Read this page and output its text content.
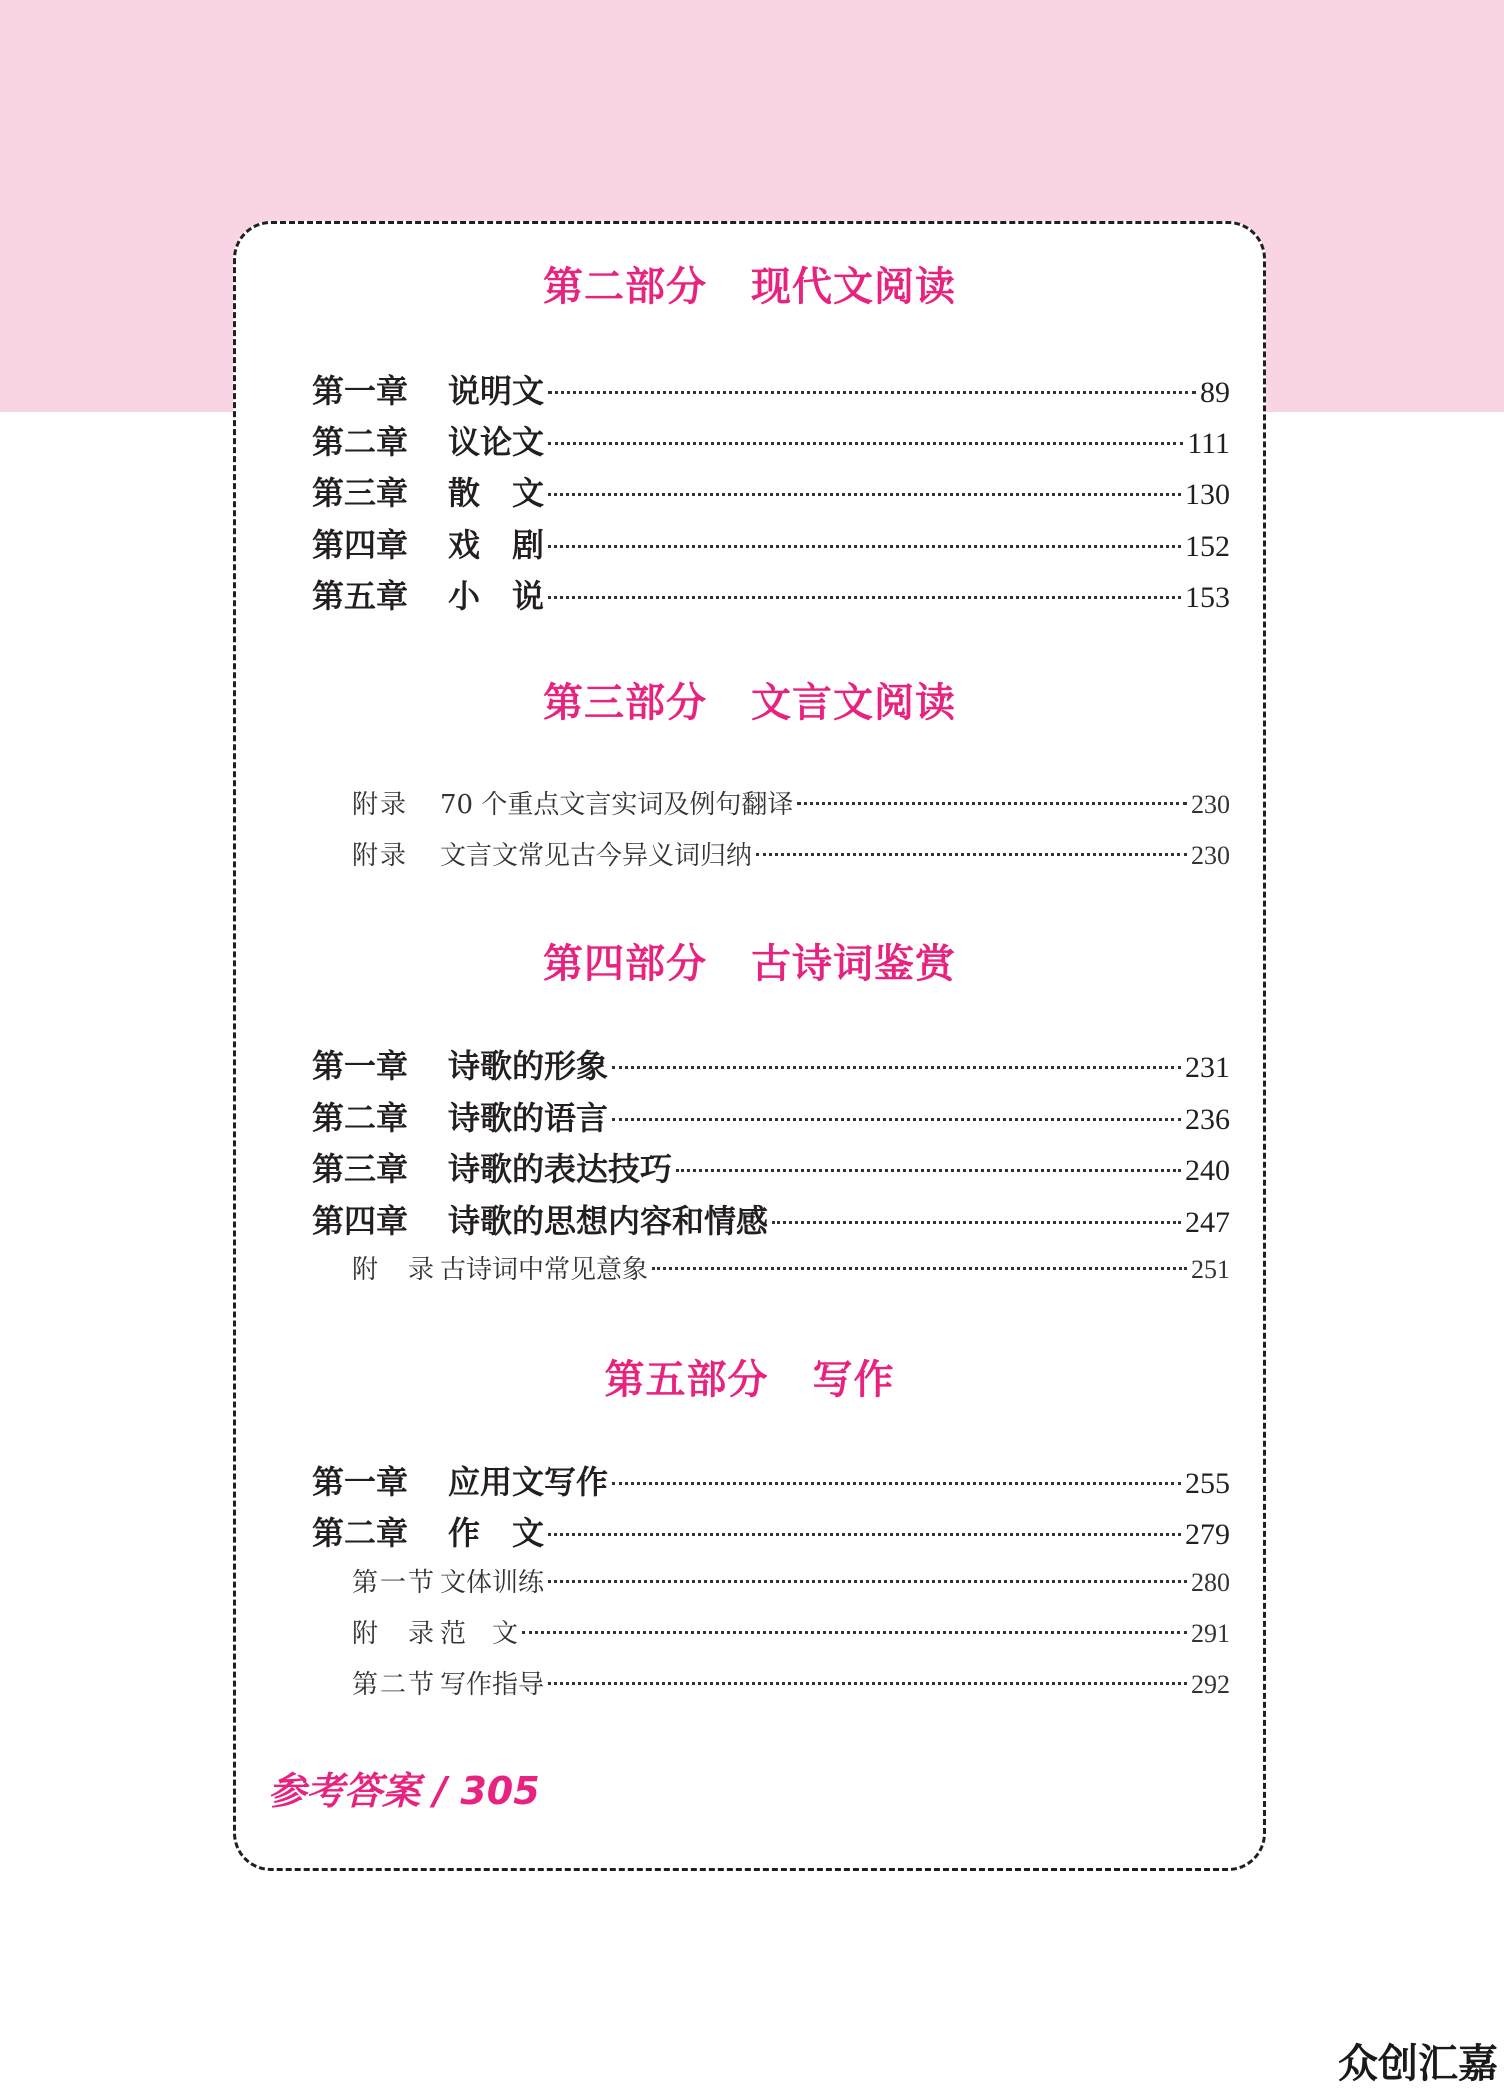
第二部分 现代文阅读
第一章	说明文	89
第二章	议论文	111
第三章	散　文	130
第四章	戏　剧	152
第五章	小　说	153
第三部分 文言文阅读
附录	70 个重点文言实词及例句翻译	230
附录	文言文常见古今异义词归纳	230
第四部分 古诗词鉴赏
第一章	诗歌的形象	231
第二章	诗歌的语言	236
第三章	诗歌的表达技巧	240
第四章	诗歌的思想内容和情感	247
附　录 古诗词中常见意象	251
第五部分 写作
第一章	应用文写作	255
第二章	作　文	279
第一节 文体训练	280
附　录 范　文	291
第二节 写作指导	292

参考答案 / 305

众创汇嘉
